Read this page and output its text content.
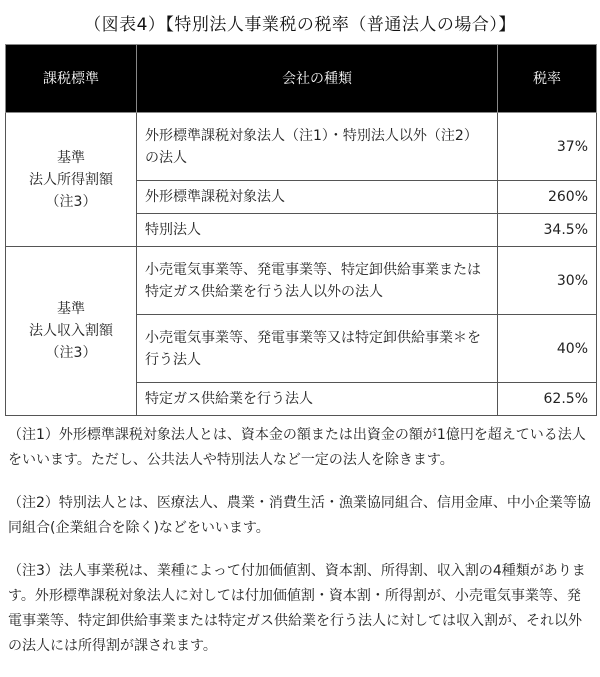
（図表4）【特別法人事業税の税率（普通法人の場合）】
課税標準	会社の種類	税率

基準
法人所得割額
（注3）	外形標準課税対象法人（注1）・特別法人以外（注2）の法人	37%
	外形標準課税対象法人	260%
	特別法人	34.5%

基準
法人収入割額
（注3）	小売電気事業等、発電事業等、特定卸供給事業または特定ガス供給業を行う法人以外の法人	30%
	小売電気事業等、発電事業等又は特定卸供給事業＊を行う法人	40%
	特定ガス供給業を行う法人	62.5%

（注1）外形標準課税対象法人とは、資本金の額または出資金の額が1億円を超えている法人をいいます。ただし、公共法人や特別法人など一定の法人を除きます。

（注2）特別法人とは、医療法人、農業・消費生活・漁業協同組合、信用金庫、中小企業等協同組合(企業組合を除く)などをいいます。

（注3）法人事業税は、業種によって付加価値割、資本割、所得割、収入割の4種類があります。外形標準課税対象法人に対しては付加価値割・資本割・所得割が、小売電気事業等、発電事業等、特定卸供給事業または特定ガス供給業を行う法人に対しては収入割が、それ以外の法人には所得割が課されます。
